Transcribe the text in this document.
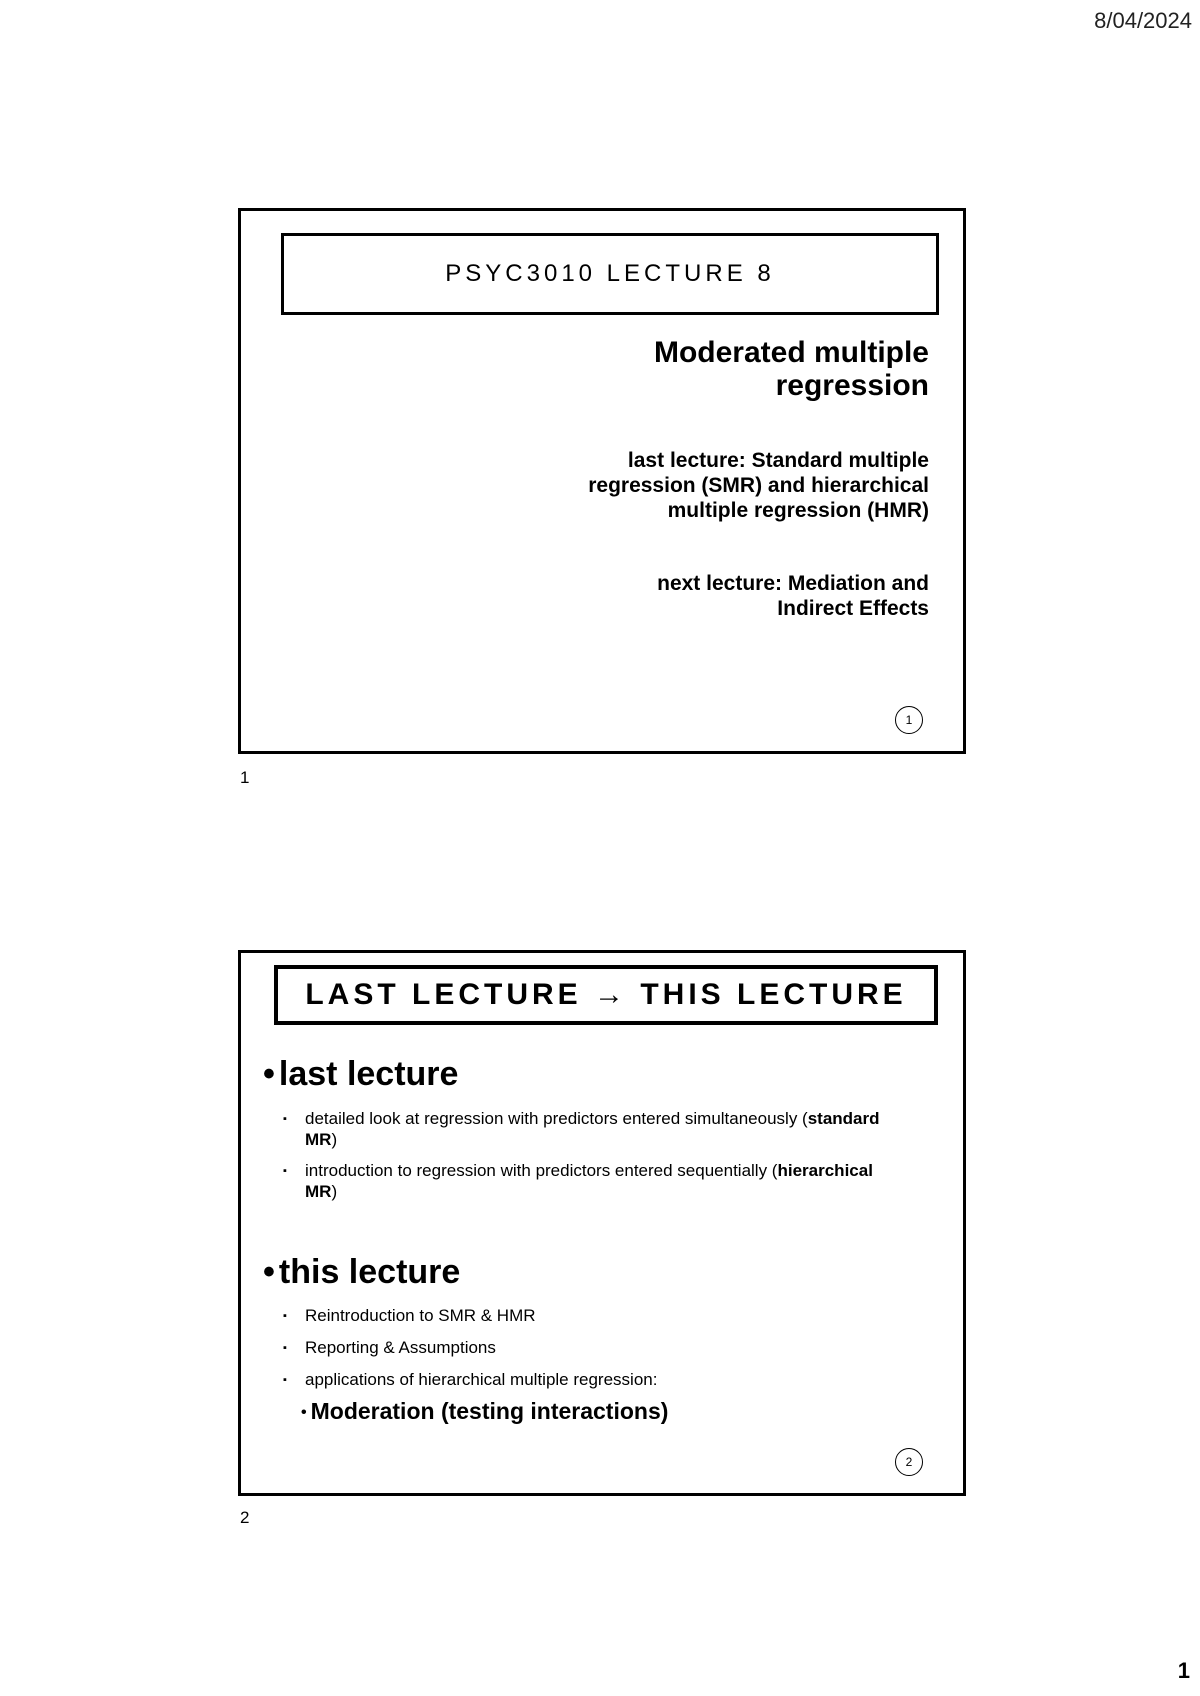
8/04/2024
PSYC3010 LECTURE 8
Moderated multiple regression
last lecture: Standard multiple regression (SMR) and hierarchical multiple regression (HMR)
next lecture: Mediation and Indirect Effects
1
1
LAST LECTURE → THIS LECTURE
• last lecture
▪ detailed look at regression with predictors entered simultaneously (standard MR)
▪ introduction to regression with predictors entered sequentially (hierarchical MR)
• this lecture
▪ Reintroduction to SMR & HMR
▪ Reporting & Assumptions
▪ applications of hierarchical multiple regression:
• Moderation (testing interactions)
2
2
1
